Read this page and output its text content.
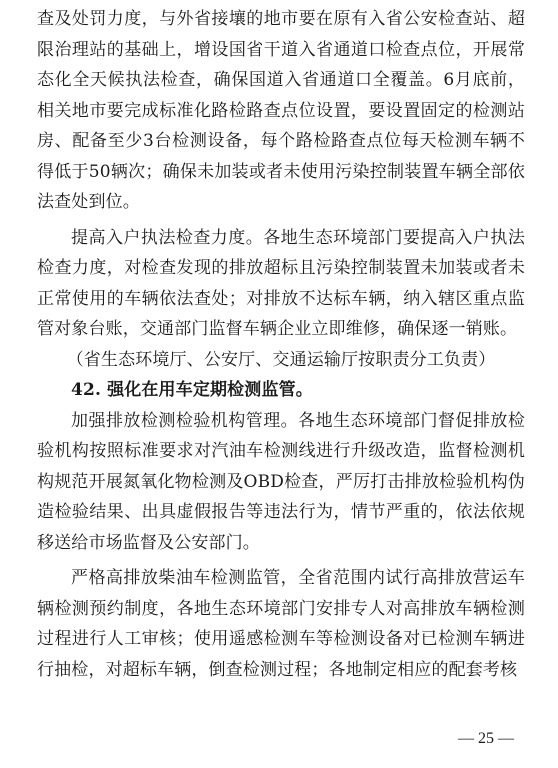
查及处罚力度，与外省接壤的地市要在原有入省公安检查站、超限治理站的基础上，增设国省干道入省通道口检查点位，开展常态化全天候执法检查，确保国道入省通道口全覆盖。6月底前，相关地市要完成标准化路检路查点位设置，要设置固定的检测站房、配备至少3台检测设备，每个路检路查点位每天检测车辆不得低于50辆次；确保未加装或者未使用污染控制装置车辆全部依法查处到位。

提高入户执法检查力度。各地生态环境部门要提高入户执法检查力度，对检查发现的排放超标且污染控制装置未加装或者未正常使用的车辆依法查处；对排放不达标车辆，纳入辖区重点监管对象台账，交通部门监督车辆企业立即维修，确保逐一销账。

（省生态环境厅、公安厅、交通运输厅按职责分工负责）

42. 强化在用车定期检测监管。

加强排放检测检验机构管理。各地生态环境部门督促排放检验机构按照标准要求对汽油车检测线进行升级改造，监督检测机构规范开展氮氧化物检测及OBD检查，严厉打击排放检验机构伪造检验结果、出具虚假报告等违法行为，情节严重的，依法依规移送给市场监督及公安部门。

严格高排放柴油车检测监管，全省范围内试行高排放营运车辆检测预约制度，各地生态环境部门安排专人对高排放车辆检测过程进行人工审核；使用遥感检测车等检测设备对已检测车辆进行抽检，对超标车辆，倒查检测过程；各地制定相应的配套考核

— 25 —
